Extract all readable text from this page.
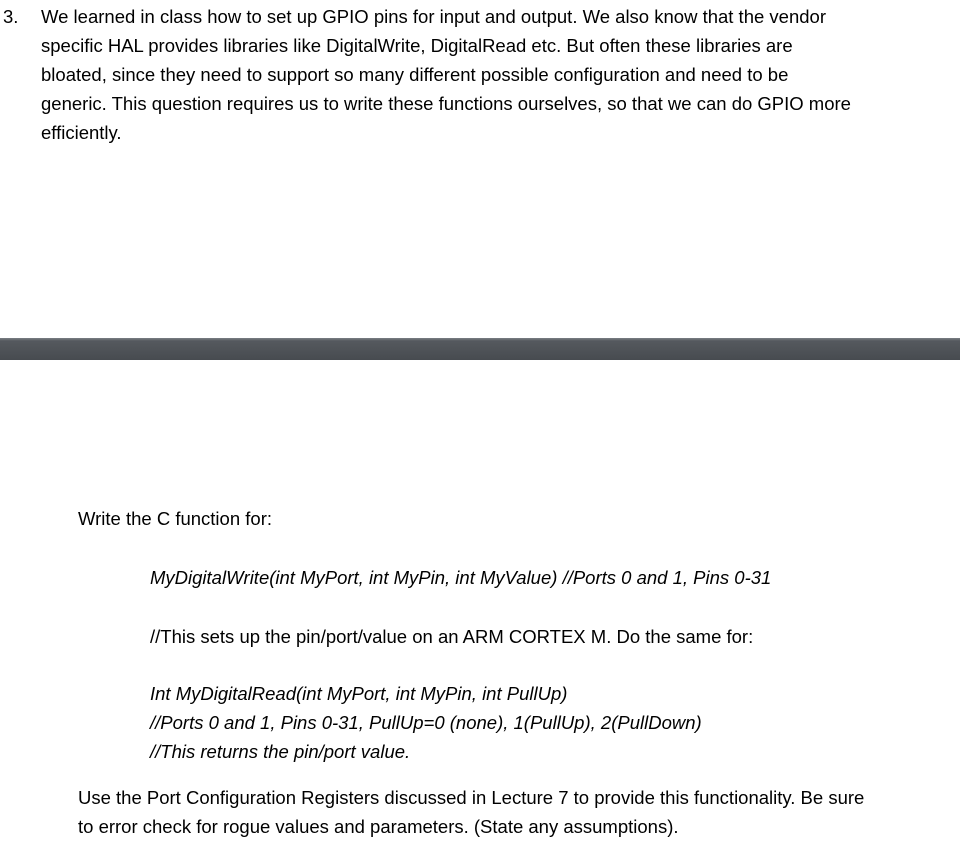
3. We learned in class how to set up GPIO pins for input and output. We also know that the vendor
specific HAL provides libraries like DigitalWrite, DigitalRead etc. But often these libraries are
bloated, since they need to support so many different possible configuration and need to be
generic. This question requires us to write these functions ourselves, so that we can do GPIO more
efficiently.

Write the C function for:

MyDigitalWrite(int MyPort, int MyPin, int MyValue) //Ports 0 and 1, Pins 0-31

//This sets up the pin/port/value on an ARM CORTEX M. Do the same for:

Int MyDigitalRead(int MyPort, int MyPin, int PullUp)
//Ports 0 and 1, Pins 0-31, PullUp=0 (none), 1(PullUp), 2(PullDown)
//This returns the pin/port value.
Use the Port Configuration Registers discussed in Lecture 7 to provide this functionality. Be sure
to error check for rogue values and parameters. (State any assumptions).
